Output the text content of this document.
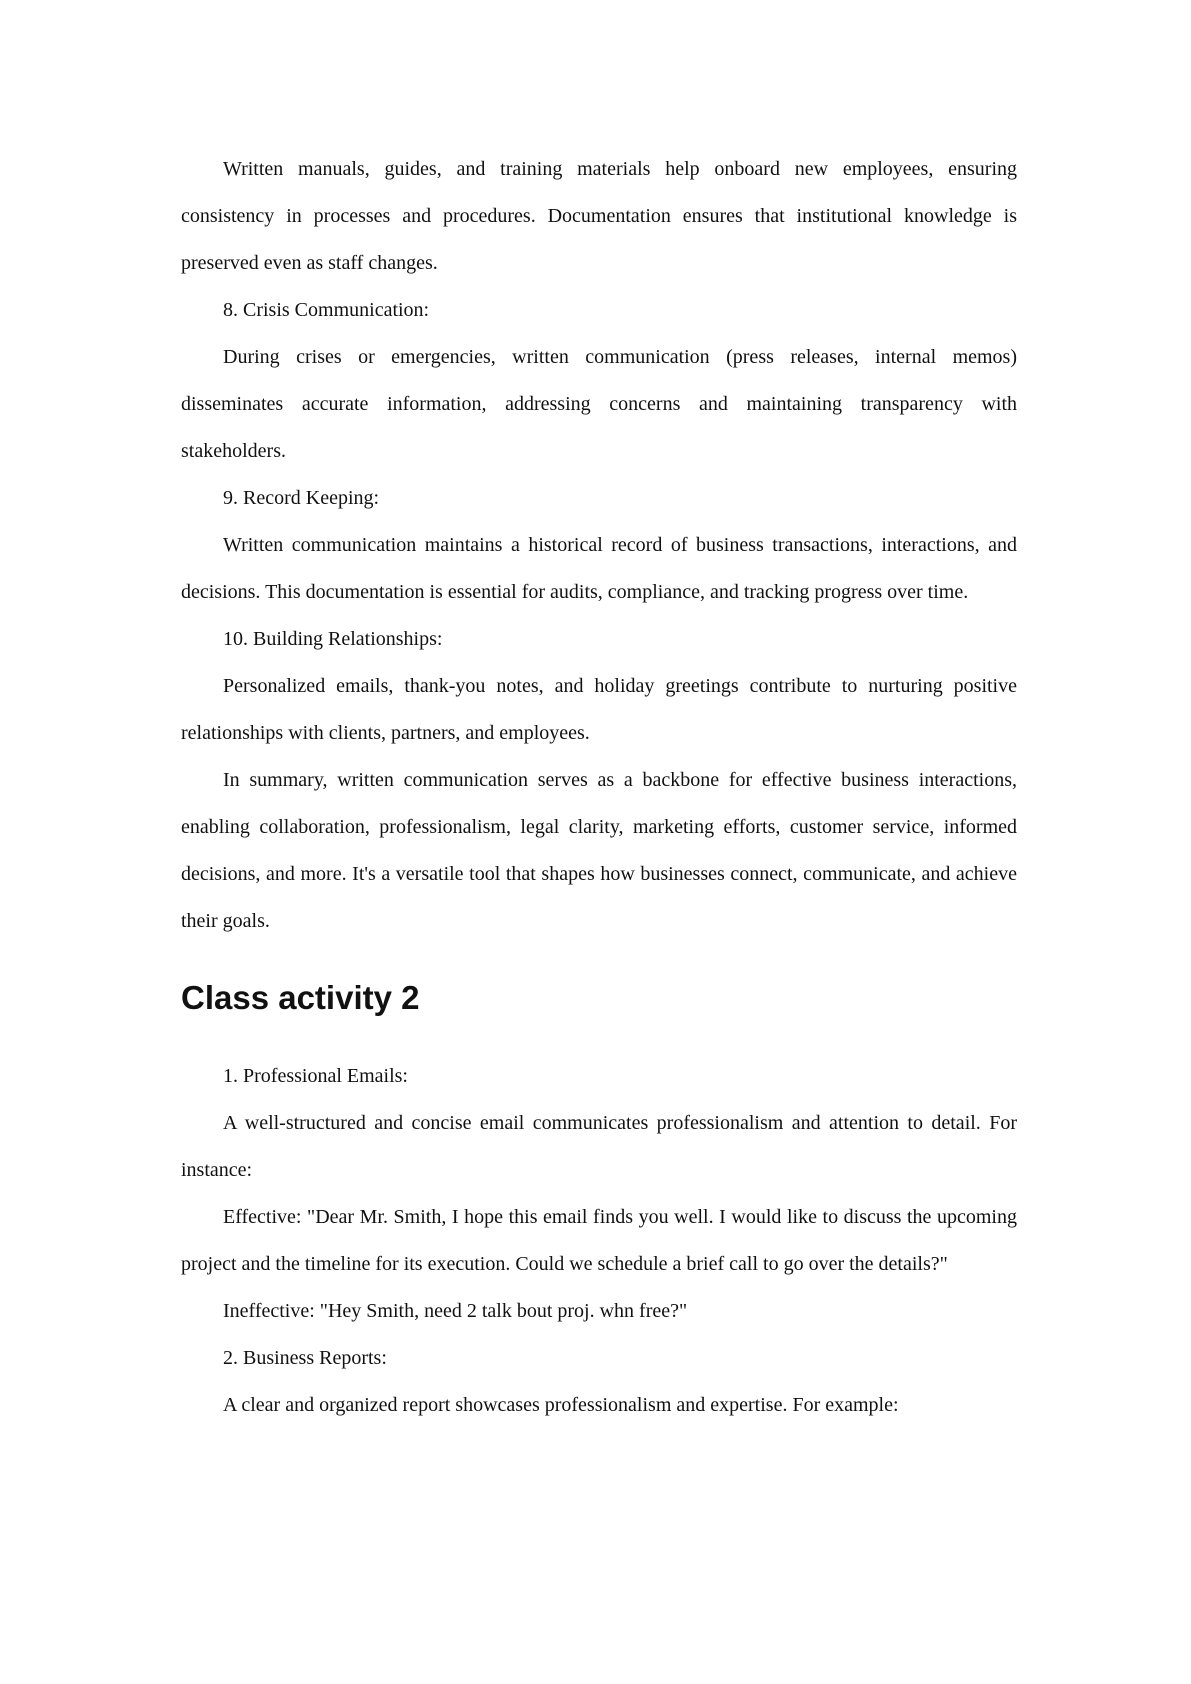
Written manuals, guides, and training materials help onboard new employees, ensuring consistency in processes and procedures. Documentation ensures that institutional knowledge is preserved even as staff changes.

8. Crisis Communication:

During crises or emergencies, written communication (press releases, internal memos) disseminates accurate information, addressing concerns and maintaining transparency with stakeholders.

9. Record Keeping:

Written communication maintains a historical record of business transactions, interactions, and decisions. This documentation is essential for audits, compliance, and tracking progress over time.

10. Building Relationships:

Personalized emails, thank-you notes, and holiday greetings contribute to nurturing positive relationships with clients, partners, and employees.

In summary, written communication serves as a backbone for effective business interactions, enabling collaboration, professionalism, legal clarity, marketing efforts, customer service, informed decisions, and more. It's a versatile tool that shapes how businesses connect, communicate, and achieve their goals.

Class activity 2

1. Professional Emails:

A well-structured and concise email communicates professionalism and attention to detail. For instance:

Effective: "Dear Mr. Smith, I hope this email finds you well. I would like to discuss the upcoming project and the timeline for its execution. Could we schedule a brief call to go over the details?"

Ineffective: "Hey Smith, need 2 talk bout proj. whn free?"

2. Business Reports:

A clear and organized report showcases professionalism and expertise. For example:
